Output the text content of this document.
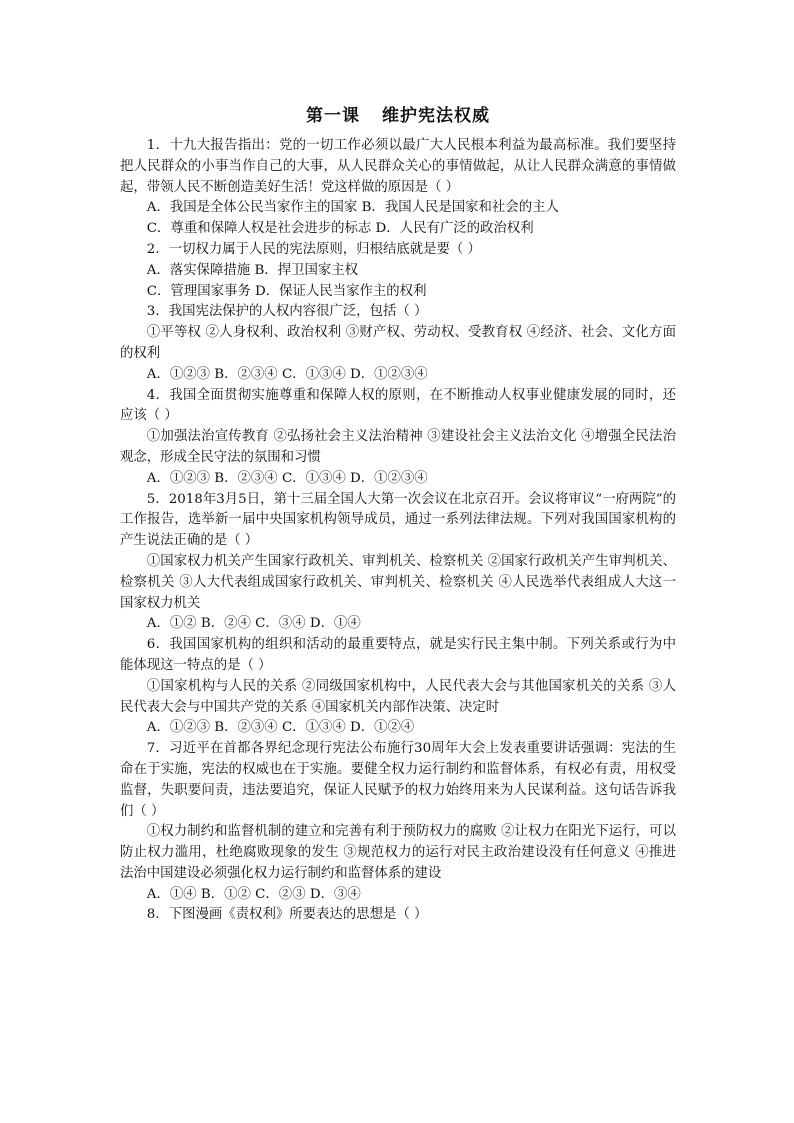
第一课 维护宪法权威

1．十九大报告指出：党的一切工作必须以最广大人民根本利益为最高标准。我们要坚持把人民群众的小事当作自己的大事，从人民群众关心的事情做起，从让人民群众满意的事情做起，带领人民不断创造美好生活！党这样做的原因是（ ）

A．我国是全体公民当家作主的国家 B．我国人民是国家和社会的主人

C．尊重和保障人权是社会进步的标志 D．人民有广泛的政治权利

2．一切权力属于人民的宪法原则，归根结底就是要（ ）

A．落实保障措施 B．捍卫国家主权

C．管理国家事务 D．保证人民当家作主的权利

3．我国宪法保护的人权内容很广泛，包括（ ）

①平等权 ②人身权利、政治权利 ③财产权、劳动权、受教育权 ④经济、社会、文化方面的权利

A．①②③ B．②③④ C．①③④ D．①②③④

4．我国全面贯彻实施尊重和保障人权的原则，在不断推动人权事业健康发展的同时，还应该（ ）

①加强法治宣传教育 ②弘扬社会主义法治精神 ③建设社会主义法治文化 ④增强全民法治观念，形成全民守法的氛围和习惯

A．①②③ B．②③④ C．①③④ D．①②③④

5．2018年3月5日，第十三届全国人大第一次会议在北京召开。会议将审议“一府两院”的工作报告，选举新一届中央国家机构领导成员，通过一系列法律法规。下列对我国国家机构的产生说法正确的是（ ）

①国家权力机关产生国家行政机关、审判机关、检察机关 ②国家行政机关产生审判机关、检察机关 ③人大代表组成国家行政机关、审判机关、检察机关 ④人民选举代表组成人大这一国家权力机关

A．①② B．②④ C．③④ D．①④

6．我国国家机构的组织和活动的最重要特点，就是实行民主集中制。下列关系或行为中能体现这一特点的是（ ）

①国家机构与人民的关系 ②同级国家机构中，人民代表大会与其他国家机关的关系 ③人民代表大会与中国共产党的关系 ④国家机关内部作决策、决定时

A．①②③ B．②③④ C．①③④ D．①②④

7．习近平在首都各界纪念现行宪法公布施行30周年大会上发表重要讲话强调：宪法的生命在于实施，宪法的权威也在于实施。要健全权力运行制约和监督体系，有权必有责，用权受监督，失职要问责，违法要追究，保证人民赋予的权力始终用来为人民谋利益。这句话告诉我们（ ）

①权力制约和监督机制的建立和完善有利于预防权力的腐败 ②让权力在阳光下运行，可以防止权力滥用，杜绝腐败现象的发生 ③规范权力的运行对民主政治建设没有任何意义 ④推进法治中国建设必须强化权力运行制约和监督体系的建设

A．①④ B．①② C．②③ D．③④

8．下图漫画《责权利》所要表达的思想是（ ）
